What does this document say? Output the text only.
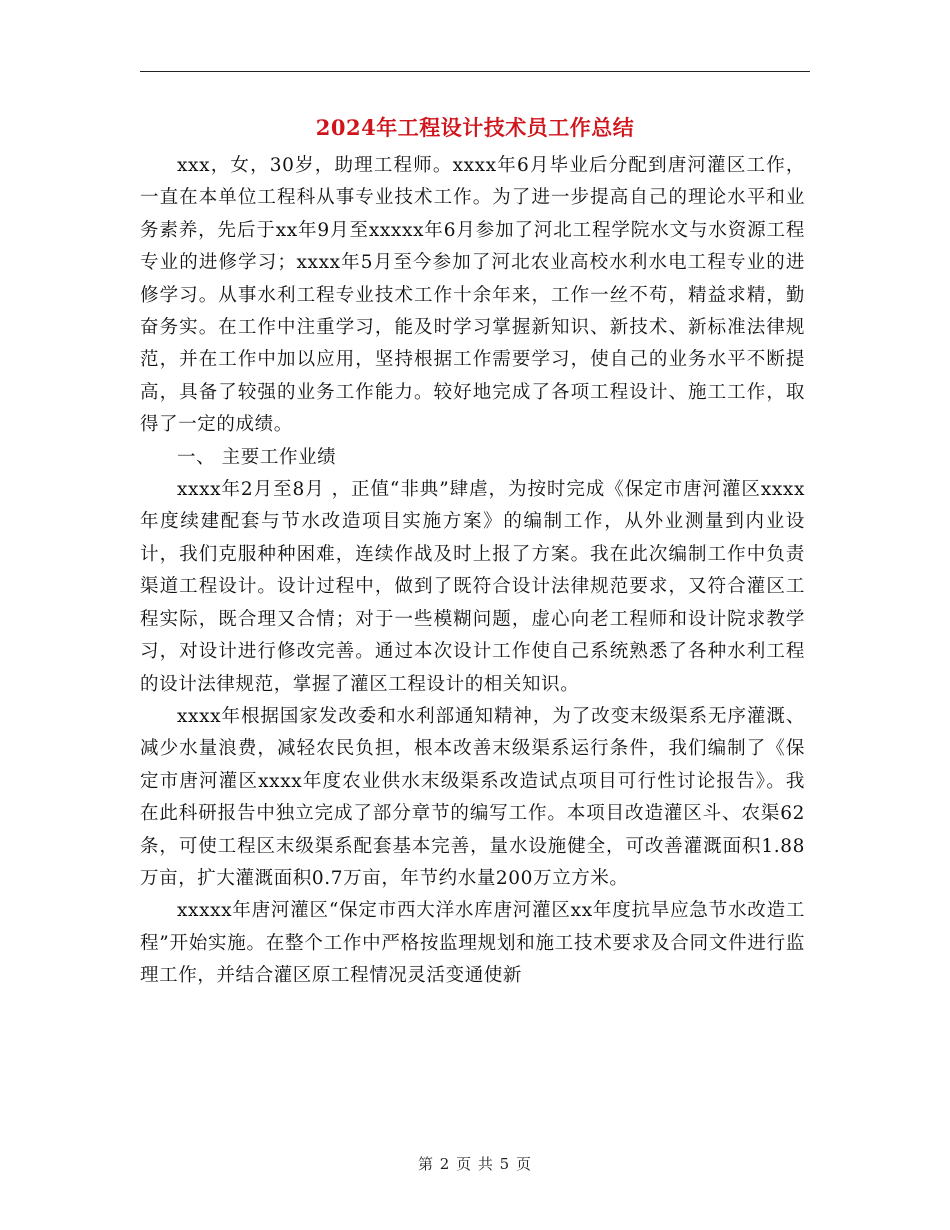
2024年工程设计技术员工作总结

xxx，女，30岁，助理工程师。xxxx年6月毕业后分配到唐河灌区工作，一直在本单位工程科从事专业技术工作。为了进一步提高自己的理论水平和业务素养，先后于xx年9月至xxxxx年6月参加了河北工程学院水文与水资源工程专业的进修学习；xxxx年5月至今参加了河北农业高校水利水电工程专业的进修学习。从事水利工程专业技术工作十余年来，工作一丝不苟，精益求精，勤奋务实。在工作中注重学习，能及时学习掌握新知识、新技术、新标准法律规范，并在工作中加以应用，坚持根据工作需要学习，使自己的业务水平不断提高，具备了较强的业务工作能力。较好地完成了各项工程设计、施工工作，取得了一定的成绩。

一、 主要工作业绩

xxxx年2月至8月 ，正值“非典”肆虐，为按时完成《保定市唐河灌区xxxx年度续建配套与节水改造项目实施方案》的编制工作，从外业测量到内业设计，我们克服种种困难，连续作战及时上报了方案。我在此次编制工作中负责渠道工程设计。设计过程中，做到了既符合设计法律规范要求，又符合灌区工程实际，既合理又合情；对于一些模糊问题，虚心向老工程师和设计院求教学习，对设计进行修改完善。通过本次设计工作使自己系统熟悉了各种水利工程的设计法律规范，掌握了灌区工程设计的相关知识。

xxxx年根据国家发改委和水利部通知精神，为了改变末级渠系无序灌溉、减少水量浪费，减轻农民负担，根本改善末级渠系运行条件，我们编制了《保定市唐河灌区xxxx年度农业供水末级渠系改造试点项目可行性讨论报告》。我在此科研报告中独立完成了部分章节的编写工作。本项目改造灌区斗、农渠62条，可使工程区末级渠系配套基本完善，量水设施健全，可改善灌溉面积1.88万亩，扩大灌溉面积0.7万亩，年节约水量200万立方米。

xxxxx年唐河灌区“保定市西大洋水库唐河灌区xx年度抗旱应急节水改造工程”开始实施。在整个工作中严格按监理规划和施工技术要求及合同文件进行监理工作，并结合灌区原工程情况灵活变通使新

第 2 页 共 5 页
